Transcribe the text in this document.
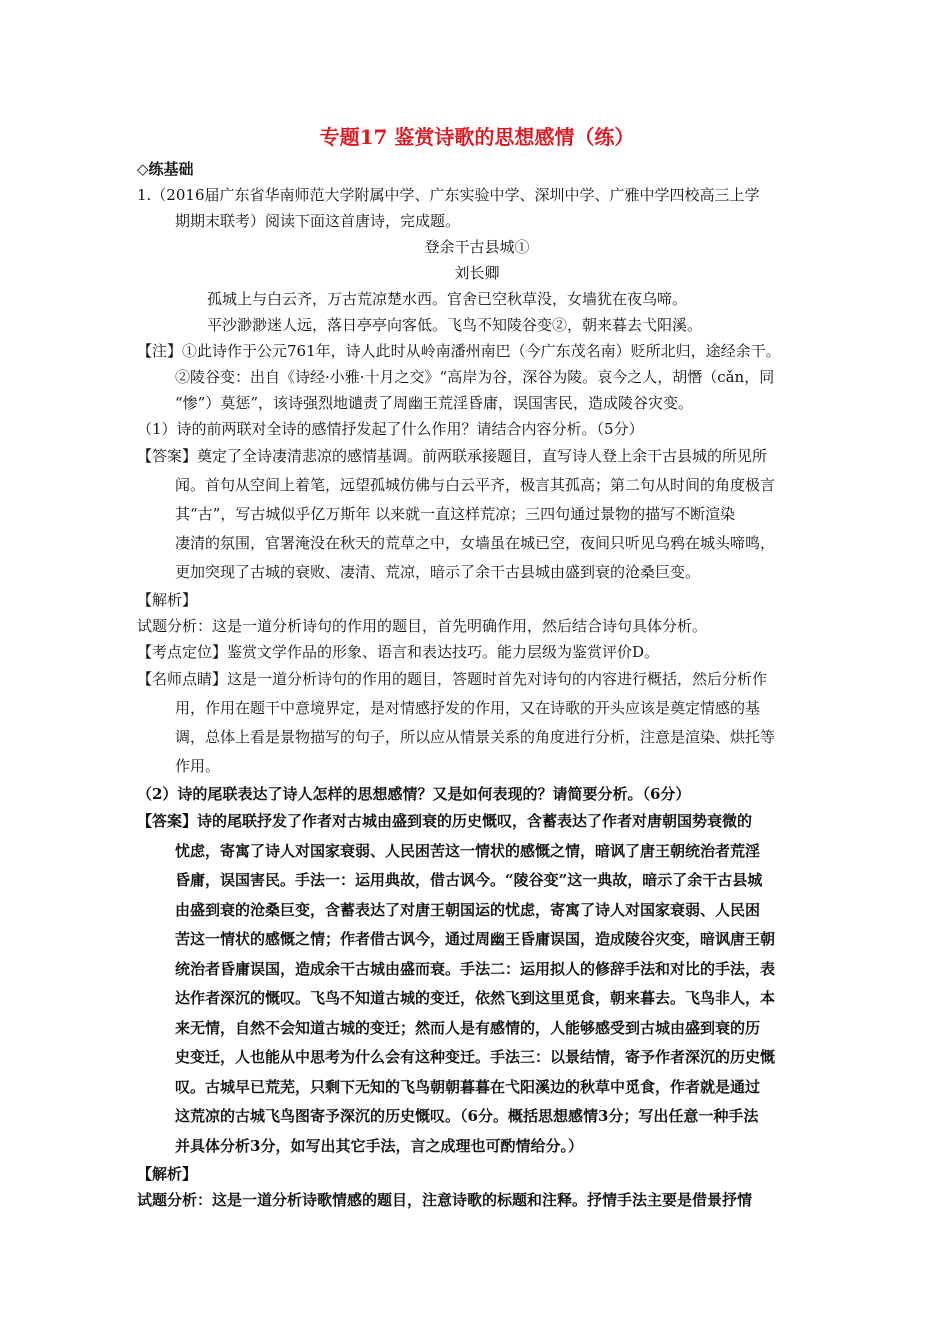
专题17 鉴赏诗歌的思想感情（练）
◇练基础
1.（2016届广东省华南师范大学附属中学、广东实验中学、深圳中学、广雅中学四校高三上学
期期末联考）阅读下面这首唐诗，完成题。
登余干古县城①
刘长卿
孤城上与白云齐，万古荒凉楚水西。官舍已空秋草没，女墙犹在夜乌啼。
平沙渺渺迷人远，落日亭亭向客低。飞鸟不知陵谷变②，朝来暮去弋阳溪。
【注】①此诗作于公元761年，诗人此时从岭南潘州南巴（今广东茂名南）贬所北归，途经余干。
②陵谷变：出自《诗经·小雅·十月之交》“高岸为谷，深谷为陵。哀今之人，胡憯（cǎn，同
“惨”）莫惩”，该诗强烈地谴责了周幽王荒淫昏庸，误国害民，造成陵谷灾变。
（1）诗的前两联对全诗的感情抒发起了什么作用？请结合内容分析。（5分）
【答案】奠定了全诗凄清悲凉的感情基调。前两联承接题目，直写诗人登上余干古县城的所见所
闻。首句从空间上着笔，远望孤城仿佛与白云平齐，极言其孤高；第二句从时间的角度极言
其“古”，写古城似乎亿万斯年 以来就一直这样荒凉；三四句通过景物的描写不断渲染
凄清的氛围，官署淹没在秋天的荒草之中，女墙虽在城已空，夜间只听见乌鸦在城头啼鸣，
更加突现了古城的衰败、凄清、荒凉，暗示了余干古县城由盛到衰的沧桑巨变。
【解析】
试题分析：这是一道分析诗句的作用的题目，首先明确作用，然后结合诗句具体分析。
【考点定位】鉴赏文学作品的形象、语言和表达技巧。能力层级为鉴赏评价D。
【名师点睛】这是一道分析诗句的作用的题目，答题时首先对诗句的内容进行概括，然后分析作
用，作用在题干中意境界定，是对情感抒发的作用，又在诗歌的开头应该是奠定情感的基
调，总体上看是景物描写的句子，所以应从情景关系的角度进行分析，注意是渲染、烘托等
作用。
（2）诗的尾联表达了诗人怎样的思想感情？又是如何表现的？请简要分析。（6分）
【答案】诗的尾联抒发了作者对古城由盛到衰的历史慨叹，含蓄表达了作者对唐朝国势衰微的
忧虑，寄寓了诗人对国家衰弱、人民困苦这一情状的感慨之情，暗讽了唐王朝统治者荒淫
昏庸，误国害民。手法一：运用典故，借古讽今。“陵谷变”这一典故，暗示了余干古县城
由盛到衰的沧桑巨变，含蓄表达了对唐王朝国运的忧虑，寄寓了诗人对国家衰弱、人民困
苦这一情状的感慨之情；作者借古讽今，通过周幽王昏庸误国，造成陵谷灾变，暗讽唐王朝
统治者昏庸误国，造成余干古城由盛而衰。手法二：运用拟人的修辞手法和对比的手法，表
达作者深沉的慨叹。飞鸟不知道古城的变迁，依然飞到这里觅食，朝来暮去。飞鸟非人，本
来无情，自然不会知道古城的变迁；然而人是有感情的，人能够感受到古城由盛到衰的历
史变迁，人也能从中思考为什么会有这种变迁。手法三：以景结情，寄予作者深沉的历史慨
叹。古城早已荒芜，只剩下无知的飞鸟朝朝暮暮在弋阳溪边的秋草中觅食，作者就是通过
这荒凉的古城飞鸟图寄予深沉的历史慨叹。（6分。概括思想感情3分；写出任意一种手法
并具体分析3分，如写出其它手法，言之成理也可酌情给分。）
【解析】
试题分析：这是一道分析诗歌情感的题目，注意诗歌的标题和注释。抒情手法主要是借景抒情
